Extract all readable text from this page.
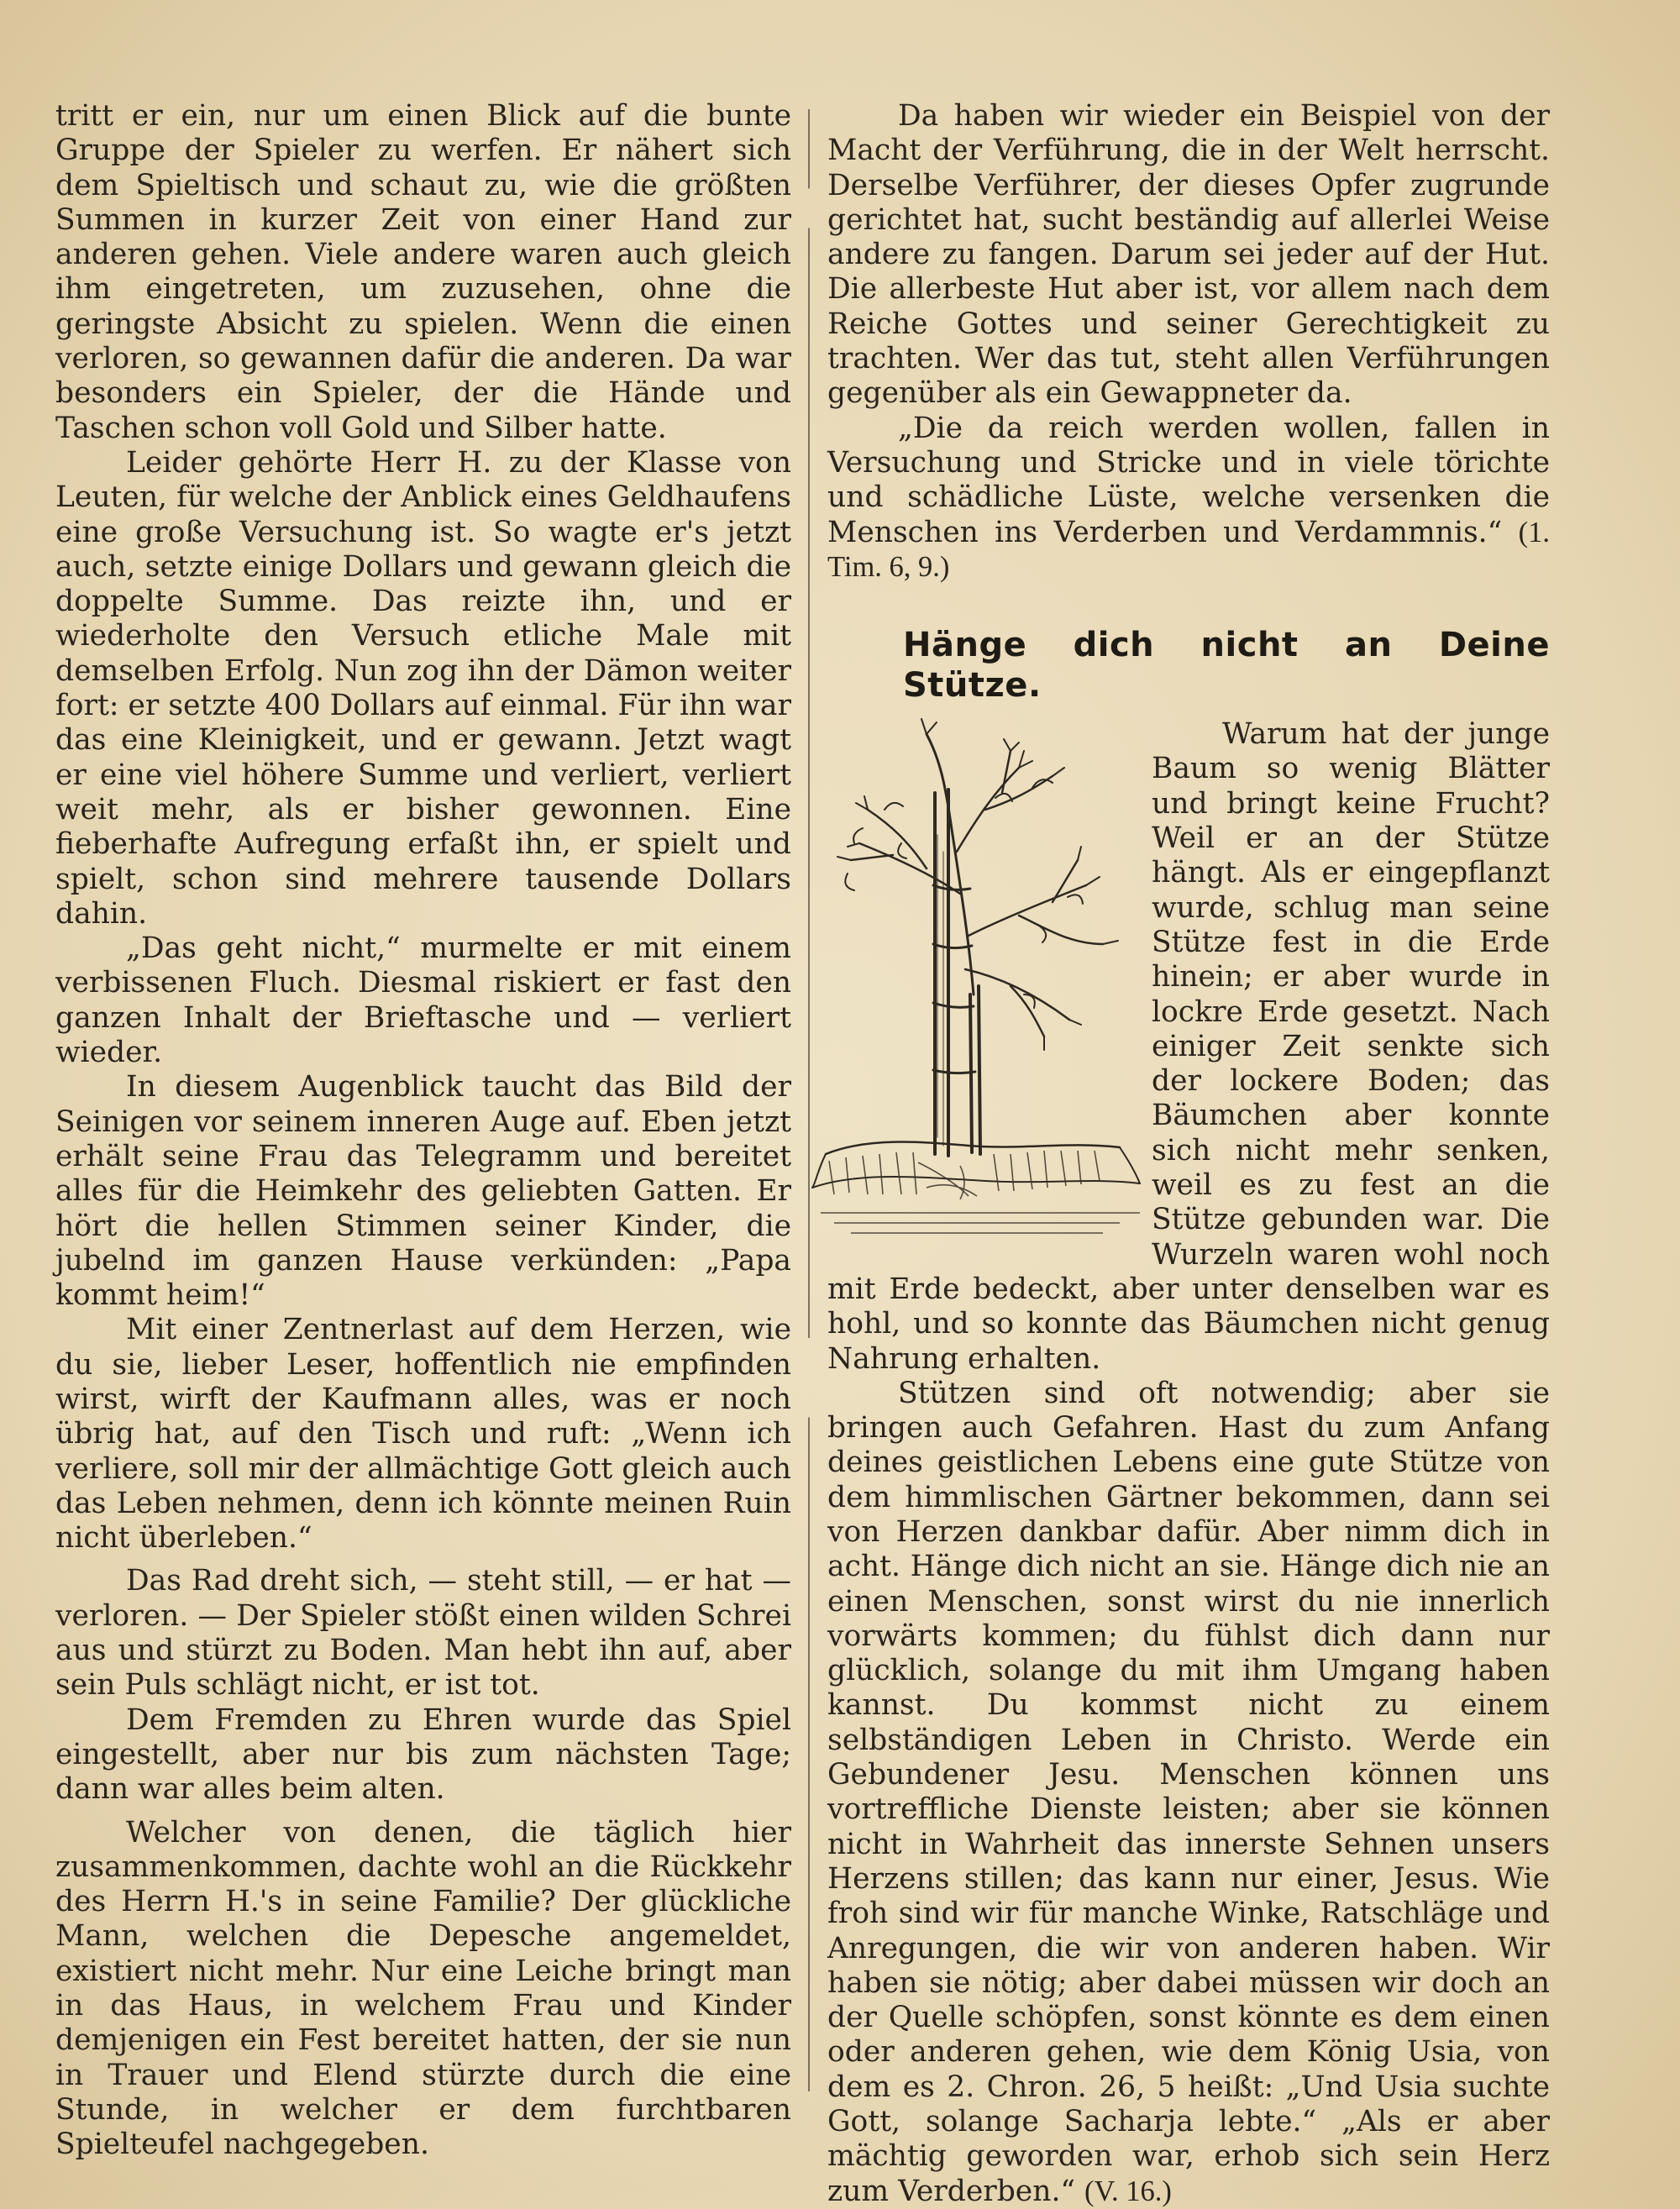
tritt er ein, nur um einen Blick auf die bunte Gruppe der Spieler zu werfen. Er nähert sich dem Spieltisch und schaut zu, wie die größten Summen in kurzer Zeit von einer Hand zur anderen gehen. Viele andere waren auch gleich ihm eingetreten, um zuzusehen, ohne die geringste Absicht zu spielen. Wenn die einen verloren, so gewannen dafür die anderen. Da war besonders ein Spieler, der die Hände und Taschen schon voll Gold und Silber hatte.

Leider gehörte Herr H. zu der Klasse von Leuten, für welche der Anblick eines Geldhaufens eine große Versuchung ist. So wagte er's jetzt auch, setzte einige Dollars und gewann gleich die doppelte Summe. Das reizte ihn, und er wiederholte den Versuch etliche Male mit demselben Erfolg. Nun zog ihn der Dämon weiter fort: er setzte 400 Dollars auf einmal. Für ihn war das eine Kleinigkeit, und er gewann. Jetzt wagt er eine viel höhere Summe und verliert, verliert weit mehr, als er bisher gewonnen. Eine fieberhafte Aufregung erfaßt ihn, er spielt und spielt, schon sind mehrere tausende Dollars dahin.

„Das geht nicht,“ murmelte er mit einem verbissenen Fluch. Diesmal riskiert er fast den ganzen Inhalt der Brieftasche und — verliert wieder.

In diesem Augenblick taucht das Bild der Seinigen vor seinem inneren Auge auf. Eben jetzt erhält seine Frau das Telegramm und bereitet alles für die Heimkehr des geliebten Gatten. Er hört die hellen Stimmen seiner Kinder, die jubelnd im ganzen Hause verkünden: „Papa kommt heim!“

Mit einer Zentnerlast auf dem Herzen, wie du sie, lieber Leser, hoffentlich nie empfinden wirst, wirft der Kaufmann alles, was er noch übrig hat, auf den Tisch und ruft: „Wenn ich verliere, soll mir der allmächtige Gott gleich auch das Leben nehmen, denn ich könnte meinen Ruin nicht überleben.“

Das Rad dreht sich, — steht still, — er hat — verloren. — Der Spieler stößt einen wilden Schrei aus und stürzt zu Boden. Man hebt ihn auf, aber sein Puls schlägt nicht, er ist tot.

Dem Fremden zu Ehren wurde das Spiel eingestellt, aber nur bis zum nächsten Tage; dann war alles beim alten.

Welcher von denen, die täglich hier zusammenkommen, dachte wohl an die Rückkehr des Herrn H.'s in seine Familie? Der glückliche Mann, welchen die Depesche angemeldet, existiert nicht mehr. Nur eine Leiche bringt man in das Haus, in welchem Frau und Kinder demjenigen ein Fest bereitet hatten, der sie nun in Trauer und Elend stürzte durch die eine Stunde, in welcher er dem furchtbaren Spielteufel nachgegeben.

Da haben wir wieder ein Beispiel von der Macht der Verführung, die in der Welt herrscht. Derselbe Verführer, der dieses Opfer zugrunde gerichtet hat, sucht beständig auf allerlei Weise andere zu fangen. Darum sei jeder auf der Hut. Die allerbeste Hut aber ist, vor allem nach dem Reiche Gottes und seiner Gerechtigkeit zu trachten. Wer das tut, steht allen Verführungen gegenüber als ein Gewappneter da.

„Die da reich werden wollen, fallen in Versuchung und Stricke und in viele törichte und schädliche Lüste, welche versenken die Menschen ins Verderben und Verdammnis.“ (1. Tim. 6, 9.)

Hänge dich nicht an Deine Stütze.

Warum hat der junge Baum so wenig Blätter und bringt keine Frucht? Weil er an der Stütze hängt. Als er eingepflanzt wurde, schlug man seine Stütze fest in die Erde hinein; er aber wurde in lockre Erde gesetzt. Nach einiger Zeit senkte sich der lockere Boden; das Bäumchen aber konnte sich nicht mehr senken, weil es zu fest an die Stütze gebunden war. Die Wurzeln waren wohl noch mit Erde bedeckt, aber unter denselben war es hohl, und so konnte das Bäumchen nicht genug Nahrung erhalten.

Stützen sind oft notwendig; aber sie bringen auch Gefahren. Hast du zum Anfang deines geistlichen Lebens eine gute Stütze von dem himmlischen Gärtner bekommen, dann sei von Herzen dankbar dafür. Aber nimm dich in acht. Hänge dich nicht an sie. Hänge dich nie an einen Menschen, sonst wirst du nie innerlich vorwärts kommen; du fühlst dich dann nur glücklich, solange du mit ihm Umgang haben kannst. Du kommst nicht zu einem selbständigen Leben in Christo. Werde ein Gebundener Jesu. Menschen können uns vortreffliche Dienste leisten; aber sie können nicht in Wahrheit das innerste Sehnen unsers Herzens stillen; das kann nur einer, Jesus. Wie froh sind wir für manche Winke, Ratschläge und Anregungen, die wir von anderen haben. Wir haben sie nötig; aber dabei müssen wir doch an der Quelle schöpfen, sonst könnte es dem einen oder anderen gehen, wie dem König Usia, von dem es 2. Chron. 26, 5 heißt: „Und Usia suchte Gott, solange Sacharja lebte.“ „Als er aber mächtig geworden war, erhob sich sein Herz zum Verderben.“ (V. 16.)
